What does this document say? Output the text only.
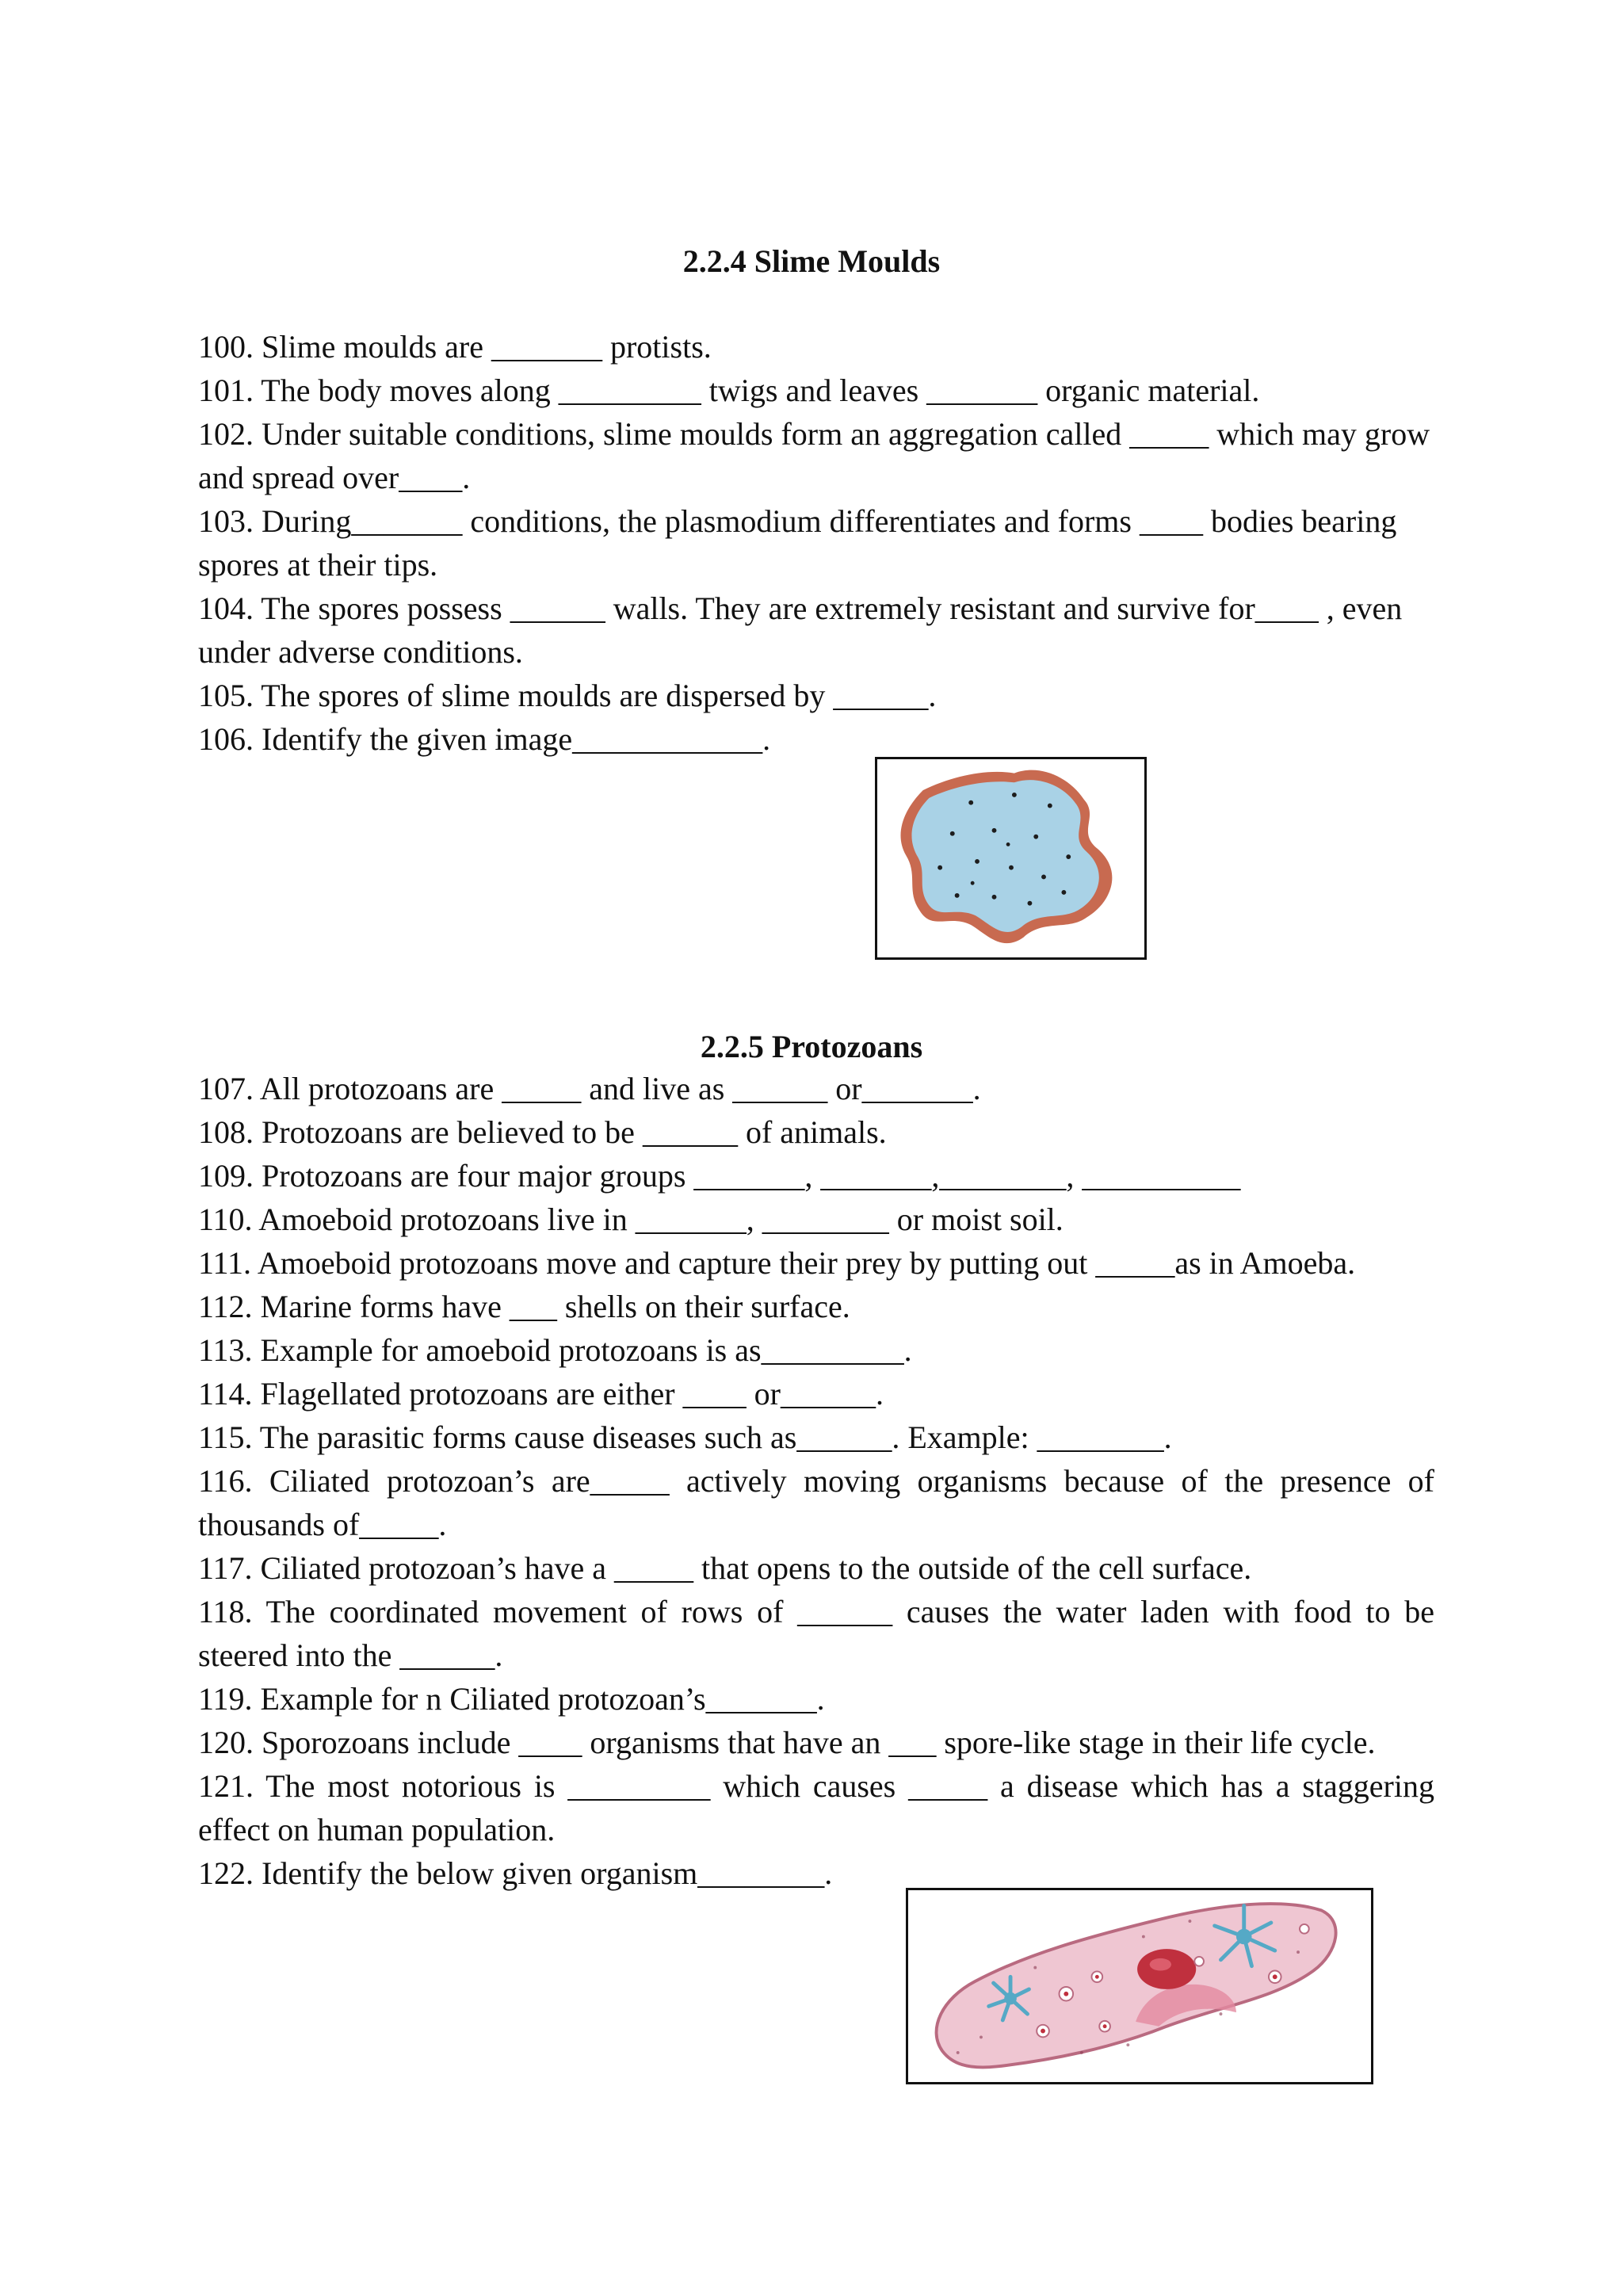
2.2.4 Slime Moulds

100. Slime moulds are _______ protists.

101. The body moves along _________ twigs and leaves _______ organic material.

102. Under suitable conditions, slime moulds form an aggregation called _____ which may grow and spread over____.

103. During_______ conditions, the plasmodium differentiates and forms ____ bodies bearing spores at their tips.

104. The spores possess ______ walls. They are extremely resistant and survive for____ , even under adverse conditions.

105. The spores of slime moulds are dispersed by ______.

106. Identify the given image____________.

2.2.5 Protozoans

107. All protozoans are _____ and live as ______ or_______.

108. Protozoans are believed to be ______ of animals.

109. Protozoans are four major groups _______, _______,________, __________

110. Amoeboid protozoans live in _______, ________ or moist soil.

111. Amoeboid protozoans move and capture their prey by putting out _____as in Amoeba.

112. Marine forms have ___ shells on their surface.

113. Example for amoeboid protozoans is as_________.

114. Flagellated protozoans are either ____ or______.

115. The parasitic forms cause diseases such as______. Example: ________.

116. Ciliated protozoan’s are_____ actively moving organisms because of the presence of thousands of_____.

117. Ciliated protozoan’s have a _____ that opens to the outside of the cell surface.

118. The coordinated movement of rows of ______ causes the water laden with food to be steered into the ______.

119. Example for n Ciliated protozoan’s_______.

120. Sporozoans include ____ organisms that have an ___ spore-like stage in their life cycle.

121. The most notorious is _________ which causes _____ a disease which has a staggering effect on human population.

122. Identify the below given organism________.
